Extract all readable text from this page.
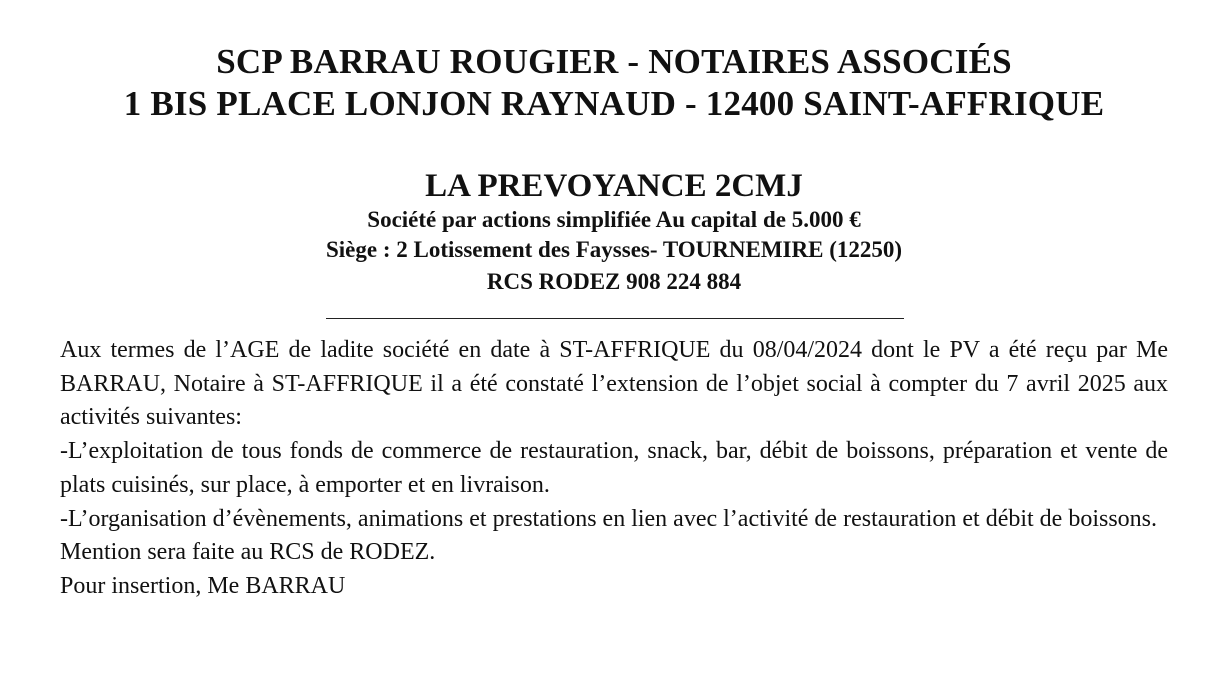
SCP BARRAU ROUGIER - NOTAIRES ASSOCIÉS
1 BIS PLACE LONJON RAYNAUD - 12400 SAINT-AFFRIQUE
LA PREVOYANCE 2CMJ
Société par actions simplifiée Au capital de 5.000 €
Siège : 2 Lotissement des Faysses- TOURNEMIRE (12250)
RCS RODEZ 908 224 884

Aux termes de l’AGE de ladite société en date à ST-AFFRIQUE du 08/04/2024 dont le PV a été reçu par Me BARRAU, Notaire à ST-AFFRIQUE il a été constaté l’extension de l’objet social à compter du 7 avril 2025 aux activités suivantes:

-L’exploitation de tous fonds de commerce de restauration, snack, bar, débit de boissons, préparation et vente de plats cuisinés, sur place, à emporter et en livraison.

-L’organisation d’évènements, animations et prestations en lien avec l’activité de restauration et débit de boissons.

Mention sera faite au RCS de RODEZ.

Pour insertion, Me BARRAU
